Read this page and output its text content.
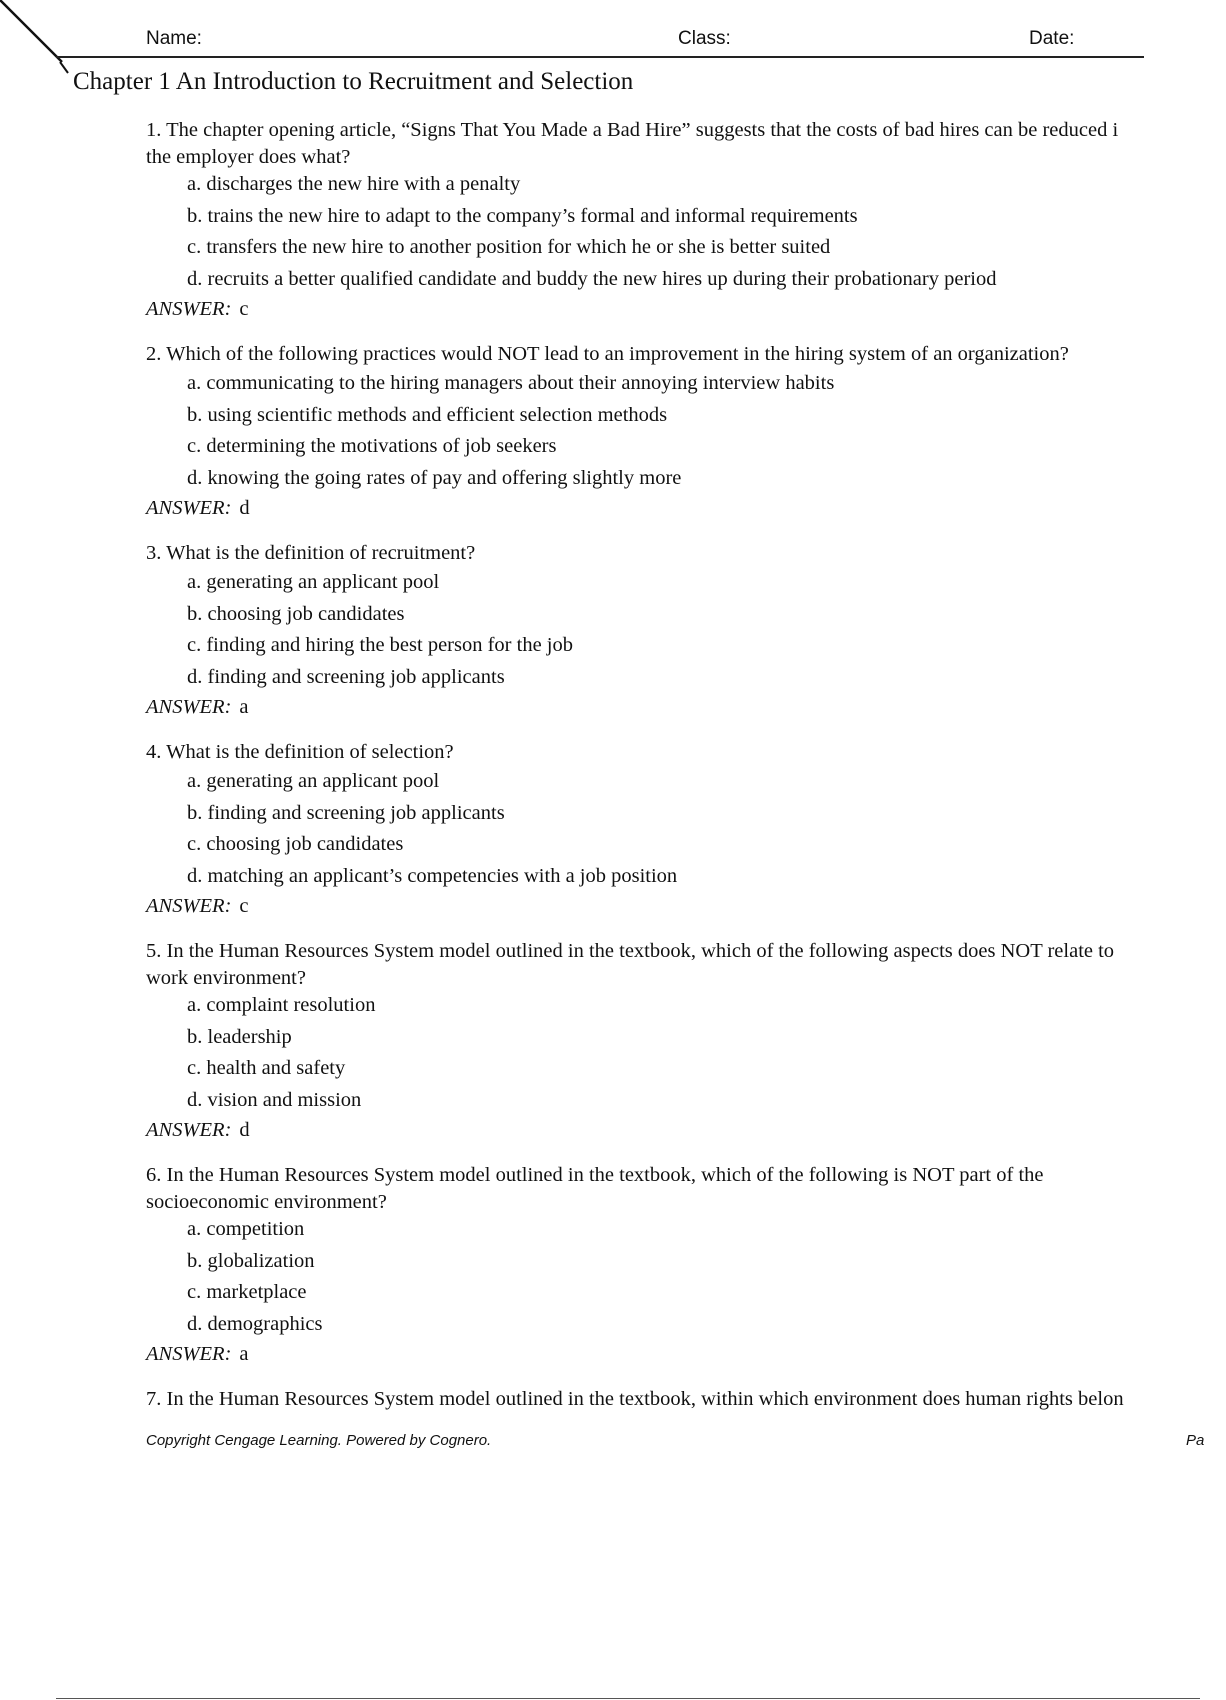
Name:	Class:	Date:
Chapter 1 An Introduction to Recruitment and Selection
1. The chapter opening article, “Signs That You Made a Bad Hire” suggests that the costs of bad hires can be reduced i
the employer does what?
a. discharges the new hire with a penalty
b. trains the new hire to adapt to the company’s formal and informal requirements
c. transfers the new hire to another position for which he or she is better suited
d. recruits a better qualified candidate and buddy the new hires up during their probationary period
ANSWER: c
2. Which of the following practices would NOT lead to an improvement in the hiring system of an organization?
a. communicating to the hiring managers about their annoying interview habits
b. using scientific methods and efficient selection methods
c. determining the motivations of job seekers
d. knowing the going rates of pay and offering slightly more
ANSWER: d
3. What is the definition of recruitment?
a. generating an applicant pool
b. choosing job candidates
c. finding and hiring the best person for the job
d. finding and screening job applicants
ANSWER: a
4. What is the definition of selection?
a. generating an applicant pool
b. finding and screening job applicants
c. choosing job candidates
d. matching an applicant’s competencies with a job position
ANSWER: c
5. In the Human Resources System model outlined in the textbook, which of the following aspects does NOT relate to
work environment?
a. complaint resolution
b. leadership
c. health and safety
d. vision and mission
ANSWER: d
6. In the Human Resources System model outlined in the textbook, which of the following is NOT part of the
socioeconomic environment?
a. competition
b. globalization
c. marketplace
d. demographics
ANSWER: a
7. In the Human Resources System model outlined in the textbook, within which environment does human rights belon
Copyright Cengage Learning. Powered by Cognero.	Pa
